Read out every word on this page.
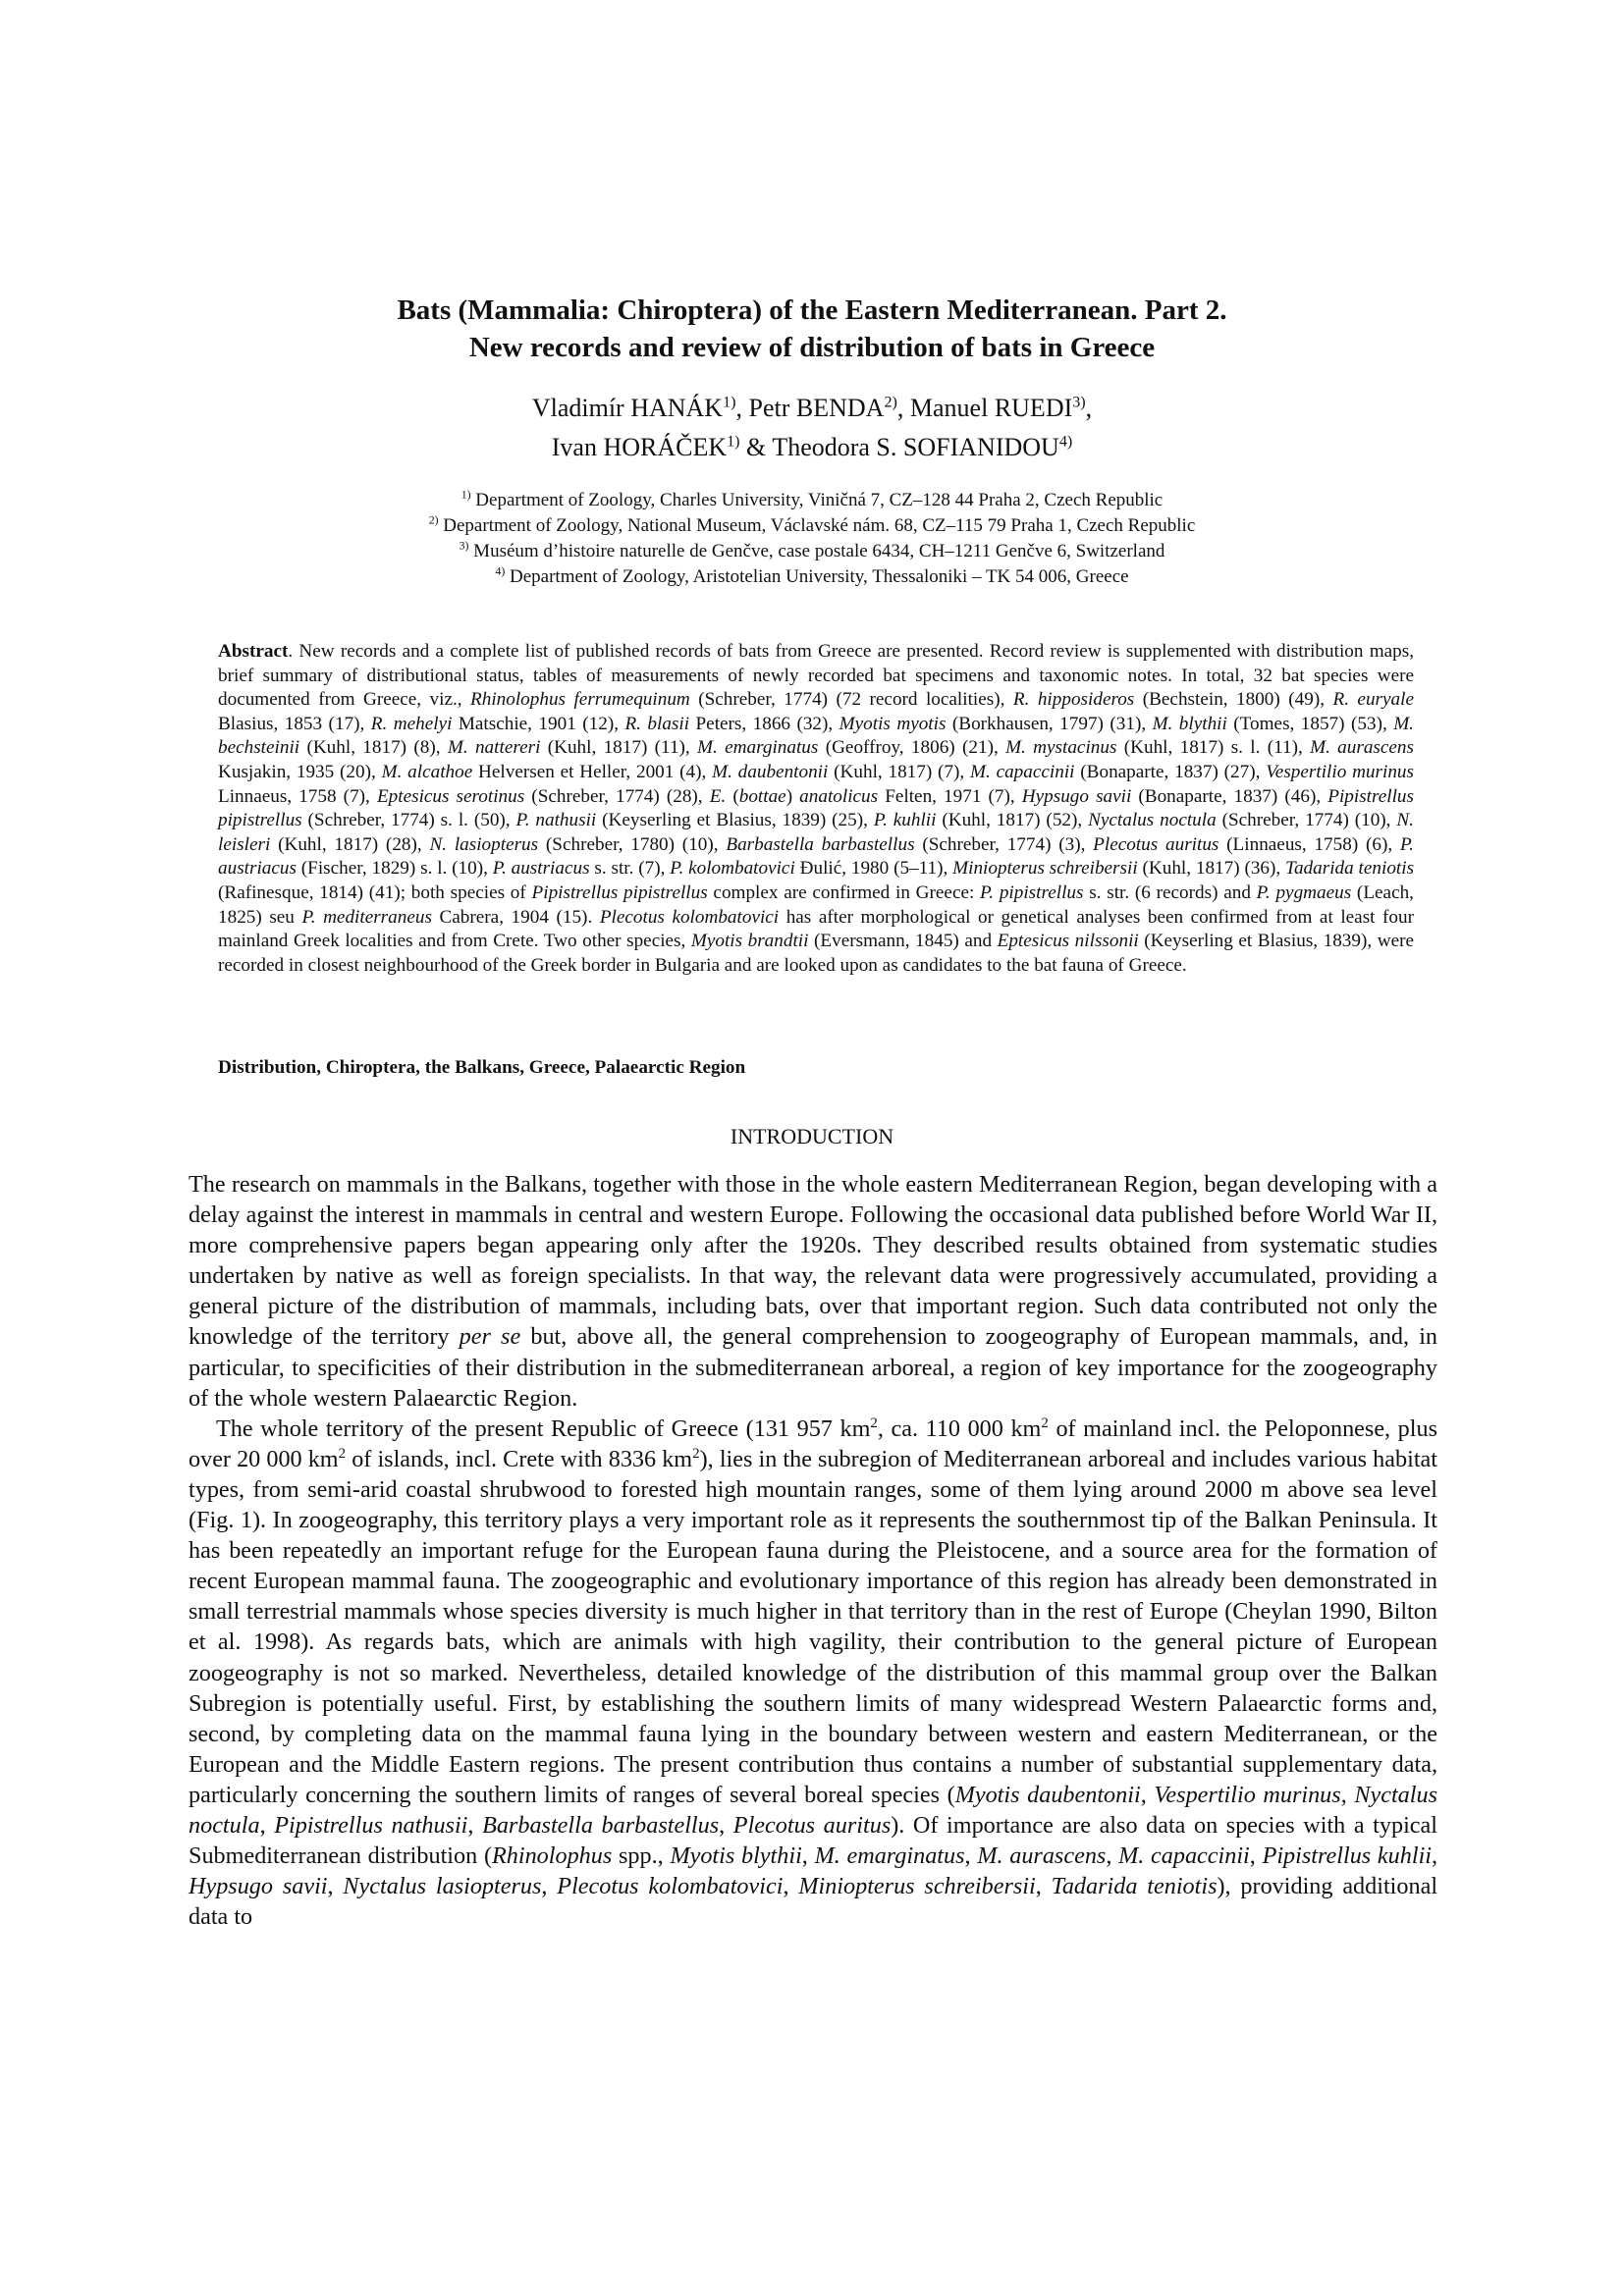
Bats (Mammalia: Chiroptera) of the Eastern Mediterranean. Part 2.
New records and review of distribution of bats in Greece
Vladimír HANÁK$^{1)}$, Petr BENDA$^{2)}$, Manuel RUEDI$^{3)}$,
Ivan HORÁČEK$^{1)}$ & Theodora S. SOFIANIDOU$^{4)}$
$^{1)}$ Department of Zoology, Charles University, Viničná 7, CZ–128 44 Praha 2, Czech Republic
$^{2)}$ Department of Zoology, National Museum, Václavské nám. 68, CZ–115 79 Praha 1, Czech Republic
$^{3)}$ Muséum d’histoire naturelle de Genčve, case postale 6434, CH–1211 Genčve 6, Switzerland
$^{4)}$ Department of Zoology, Aristotelian University, Thessaloniki – TK 54 006, Greece
Abstract. New records and a complete list of published records of bats from Greece are presented. Record review is supplemented with distribution maps, brief summary of distributional status, tables of measurements of newly recorded bat specimens and taxonomic notes. In total, 32 bat species were documented from Greece, viz., Rhinolophus ferrumequinum (Schreber, 1774) (72 record localities), R. hipposideros (Bechstein, 1800) (49), R. euryale Blasius, 1853 (17), R. mehelyi Matschie, 1901 (12), R. blasii Peters, 1866 (32), Myotis myotis (Borkhausen, 1797) (31), M. blythii (Tomes, 1857) (53), M. bechsteinii (Kuhl, 1817) (8), M. nattereri (Kuhl, 1817) (11), M. emarginatus (Geoffroy, 1806) (21), M. mystacinus (Kuhl, 1817) s. l. (11), M. aurascens Kusjakin, 1935 (20), M. alcathoe Helversen et Heller, 2001 (4), M. daubentonii (Kuhl, 1817) (7), M. capaccinii (Bonaparte, 1837) (27), Vespertilio murinus Linnaeus, 1758 (7), Eptesicus serotinus (Schreber, 1774) (28), E. (bottae) anatolicus Felten, 1971 (7), Hypsugo savii (Bonaparte, 1837) (46), Pipistrellus pipistrellus (Schreber, 1774) s. l. (50), P. nathusii (Keyserling et Blasius, 1839) (25), P. kuhlii (Kuhl, 1817) (52), Nyctalus noctula (Schreber, 1774) (10), N. leisleri (Kuhl, 1817) (28), N. lasiopterus (Schreber, 1780) (10), Barbastella barbastellus (Schreber, 1774) (3), Plecotus auritus (Linnaeus, 1758) (6), P. austriacus (Fischer, 1829) s. l. (10), P. austriacus s. str. (7), P. kolombatovici Đulić, 1980 (5–11), Miniopterus schreibersii (Kuhl, 1817) (36), Tadarida teniotis (Rafinesque, 1814) (41); both species of Pipistrellus pipistrellus complex are confirmed in Greece: P. pipistrellus s. str. (6 records) and P. pygmaeus (Leach, 1825) seu P. mediterraneus Cabrera, 1904 (15). Plecotus kolombatovici has after morphological or genetical analyses been confirmed from at least four mainland Greek localities and from Crete. Two other species, Myotis brandtii (Eversmann, 1845) and Eptesicus nilssonii (Keyserling et Blasius, 1839), were recorded in closest neighbourhood of the Greek border in Bulgaria and are looked upon as candidates to the bat fauna of Greece.
Distribution, Chiroptera, the Balkans, Greece, Palaearctic Region
INTRODUCTION

The research on mammals in the Balkans, together with those in the whole eastern Mediterranean Region, began developing with a delay against the interest in mammals in central and western Europe. Following the occasional data published before World War II, more comprehensive papers began appearing only after the 1920s. They described results obtained from systematic studies undertaken by native as well as foreign specialists. In that way, the relevant data were progressively accumulated, providing a general picture of the distribution of mammals, including bats, over that important region. Such data contributed not only the knowledge of the territory per se but, above all, the general comprehension to zoogeography of European mammals, and, in particular, to specificities of their distribution in the submediterranean arboreal, a region of key importance for the zoogeography of the whole western Palaearctic Region.

The whole territory of the present Republic of Greece (131 957 $km^2$, ca. 110 000 $km^2$ of mainland incl. the Peloponnese, plus over 20 000 $km^2$ of islands, incl. Crete with 8336 $km^2$), lies in the subregion of Mediterranean arboreal and includes various habitat types, from semi-arid coastal shrubwood to forested high mountain ranges, some of them lying around 2000 m above sea level (Fig. 1). In zoogeography, this territory plays a very important role as it represents the southernmost tip of the Balkan Peninsula. It has been repeatedly an important refuge for the European fauna during the Pleistocene, and a source area for the formation of recent European mammal fauna. The zoogeographic and evolutionary importance of this region has already been demonstrated in small terrestrial mammals whose species diversity is much higher in that territory than in the rest of Europe (Cheylan 1990, Bilton et al. 1998). As regards bats, which are animals with high vagility, their contribution to the general picture of European zoogeography is not so marked. Nevertheless, detailed knowledge of the distribution of this mammal group over the Balkan Subregion is potentially useful. First, by establishing the southern limits of many widespread Western Palaearctic forms and, second, by completing data on the mammal fauna lying in the boundary between western and eastern Mediterranean, or the European and the Middle Eastern regions. The present contribution thus contains a number of substantial supplementary data, particularly concerning the southern limits of ranges of several boreal species (Myotis daubentonii, Vespertilio murinus, Nyctalus noctula, Pipistrellus nathusii, Barbastella barbastellus, Plecotus auritus). Of importance are also data on species with a typical Submediterranean distribution (Rhinolophus spp., Myotis blythii, M. emarginatus, M. aurascens, M. capaccinii, Pipistrellus kuhlii, Hypsugo savii, Nyctalus lasiopterus, Plecotus kolombatovici, Miniopterus schreibersii, Tadarida teniotis), providing additional data to
